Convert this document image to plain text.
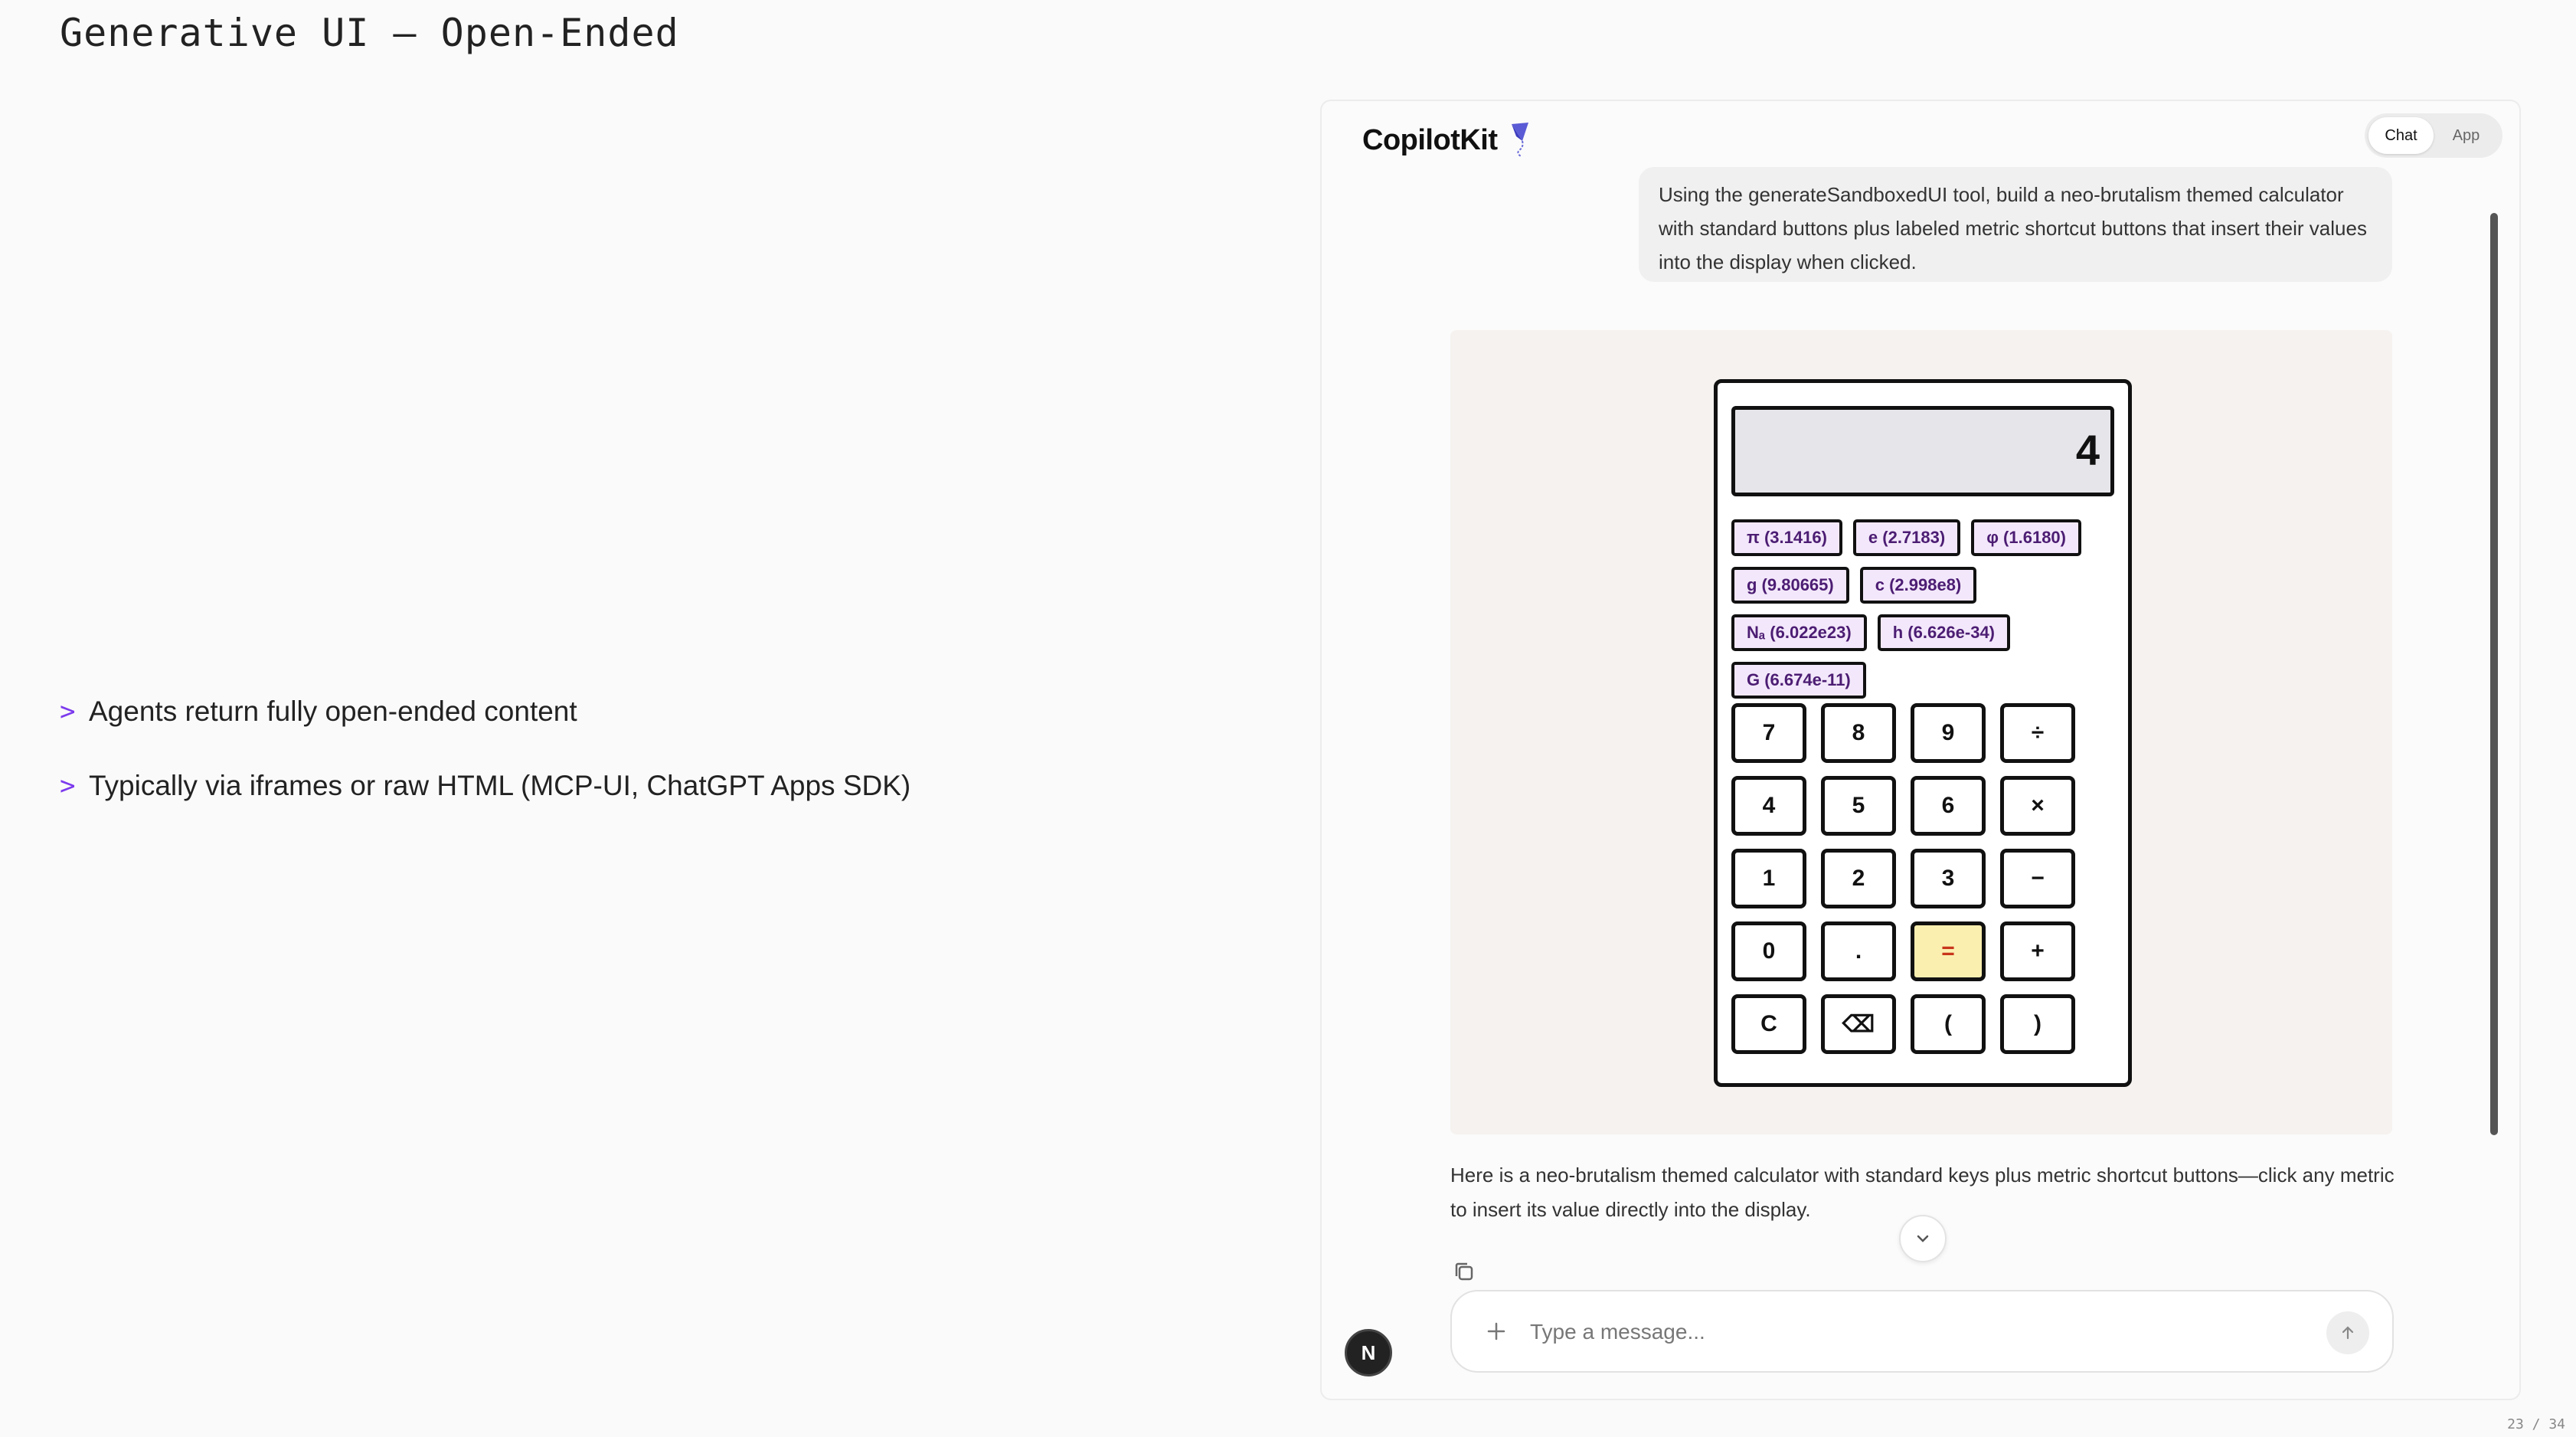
Generative UI — Open-Ended
> Agents return fully open-ended content
> Typically via iframes or raw HTML (MCP-UI, ChatGPT Apps SDK)
CopilotKit	Chat	App
Using the generateSandboxedUI tool, build a neo-brutalism themed calculator with standard buttons plus labeled metric shortcut buttons that insert their values into the display when clicked.
4
π (3.1416)	e (2.7183)	φ (1.6180)
g (9.80665)	c (2.998e8)
Nₐ (6.022e23)	h (6.626e-34)
G (6.674e-11)
7	8	9	÷
4	5	6	×
1	2	3	−
0	.	=	+
C	⌫	(	)
Here is a neo-brutalism themed calculator with standard keys plus metric shortcut buttons—click any metric to insert its value directly into the display.
Type a message...
N
23 / 34
